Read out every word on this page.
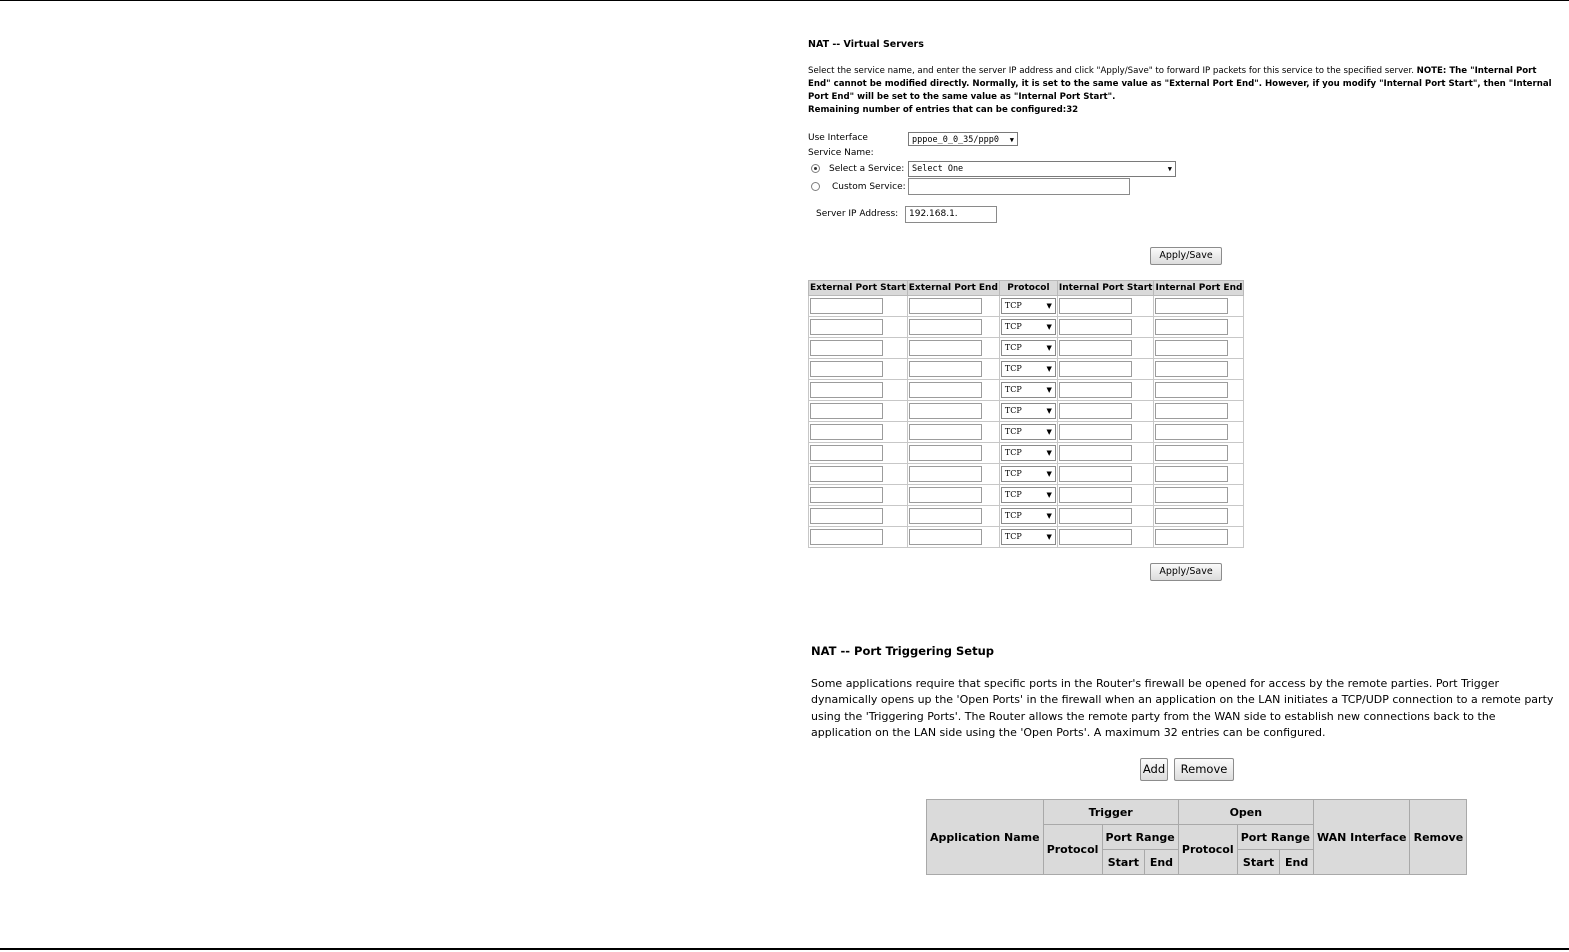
NAT -- Virtual Servers
Select the service name, and enter the server IP address and click "Apply/Save" to forward IP packets for this service to the specified server. NOTE: The "Internal Port End" cannot be modified directly. Normally, it is set to the same value as "External Port End". However, if you modify "Internal Port Start", then "Internal Port End" will be set to the same value as "Internal Port Start".
Remaining number of entries that can be configured:32
Use Interface	pppoe_0_0_35/ppp0 ▼
Service Name:
Select a Service: Select One	▼
Custom Service:
Server IP Address:	192.168.1.
Apply/Save
External Port Start	External Port End	Protocol	Internal Port Start	Internal Port End

		TCP ▼		

		TCP ▼		

		TCP ▼		

		TCP ▼		

		TCP ▼		

		TCP ▼		

		TCP ▼		

		TCP ▼		

		TCP ▼		

		TCP ▼		

		TCP ▼		

		TCP ▼		

Apply/Save
NAT -- Port Triggering Setup
Some applications require that specific ports in the Router's firewall be opened for access by the remote parties. Port Trigger dynamically opens up the 'Open Ports' in the firewall when an application on the LAN initiates a TCP/UDP connection to a remote party using the 'Triggering Ports'. The Router allows the remote party from the WAN side to establish new connections back to the application on the LAN side using the 'Open Ports'. A maximum 32 entries can be configured.
Add	Remove
Application Name	Trigger			Open			WAN Interface	Remove
	Protocol	Port Range		Protocol	Port Range			
		Start	End		Start	End		
